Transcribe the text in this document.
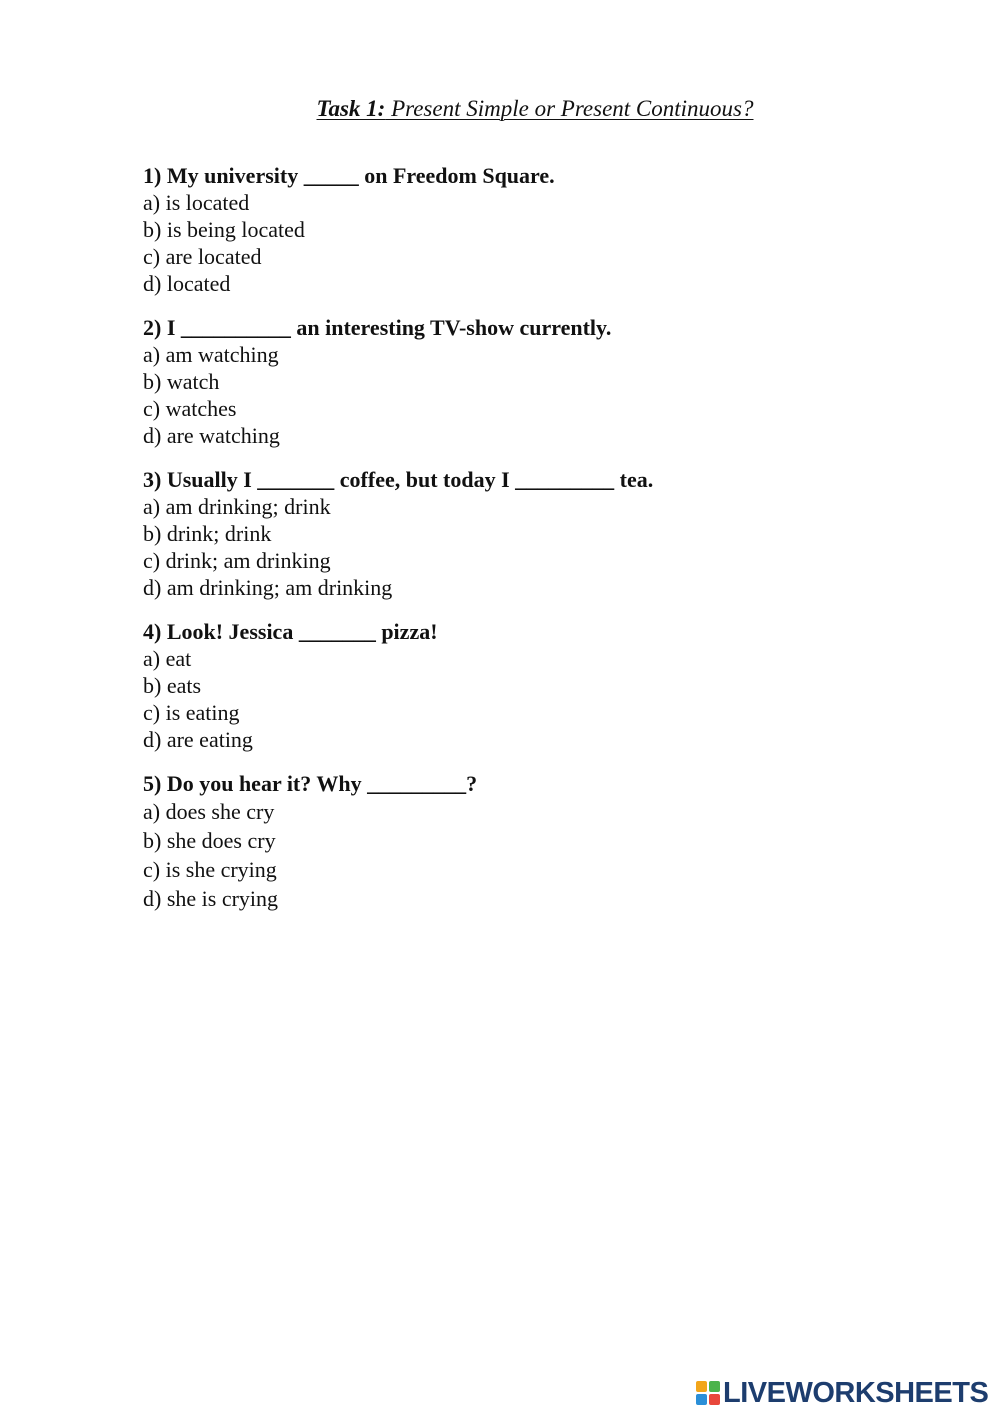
Task 1: Present Simple or Present Continuous?
1) My university _____ on Freedom Square.
a) is located
b) is being located
c) are located
d) located
2) I __________ an interesting TV-show currently.
a) am watching
b) watch
c) watches
d) are watching
3) Usually I _______ coffee, but today I _________ tea.
a) am drinking; drink
b) drink; drink
c) drink; am drinking
d) am drinking; am drinking
4) Look! Jessica _______ pizza!
a) eat
b) eats
c) is eating
d) are eating
5) Do you hear it? Why _________?
a) does she cry
b) she does cry
c) is she crying
d) she is crying
LIVEWORKSHEETS
